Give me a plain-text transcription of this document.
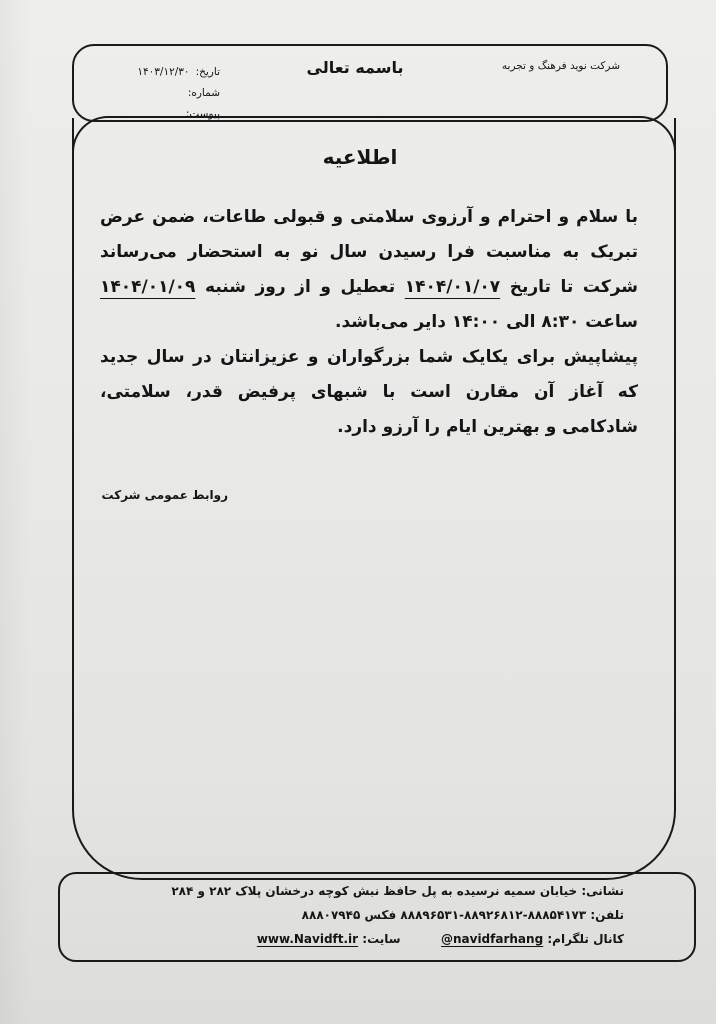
شرکت نوید فرهنگ و تجربه
باسمه تعالی
تاریخ:۱۴۰۳/۱۲/۳۰
شماره:
پیوست:
اطلاعیه

با سلام و احترام و آرزوی سلامتی و قبولی طاعات، ضمن عرض تبریک به مناسبت فرا رسیدن سال نو به استحضار می‌رساند شرکت تا تاریخ ۱۴۰۴/۰۱/۰۷ تعطیل و از روز شنبه ۱۴۰۴/۰۱/۰۹ ساعت ۸:۳۰ الی ۱۴:۰۰ دایر می‌باشد.

پیشاپیش برای یکایک شما بزرگواران و عزیزانتان در سال جدید که آغاز آن مقارن است با شبهای پرفیض قدر، سلامتی، شادکامی و بهترین ایام را آرزو دارد.

روابط عمومی شرکت
نشانی: خیابان سمیه نرسیده به پل حافظ نبش کوچه درخشان پلاک ۲۸۲ و ۲۸۴
تلفن: ۸۸۸۵۴۱۷۳-۸۸۹۲۶۸۱۲-۸۸۸۹۶۵۳۱ فکس ۸۸۸۰۷۹۴۵
کانال تلگرام: @navidfarhang  سایت: www.Navidft.ir
